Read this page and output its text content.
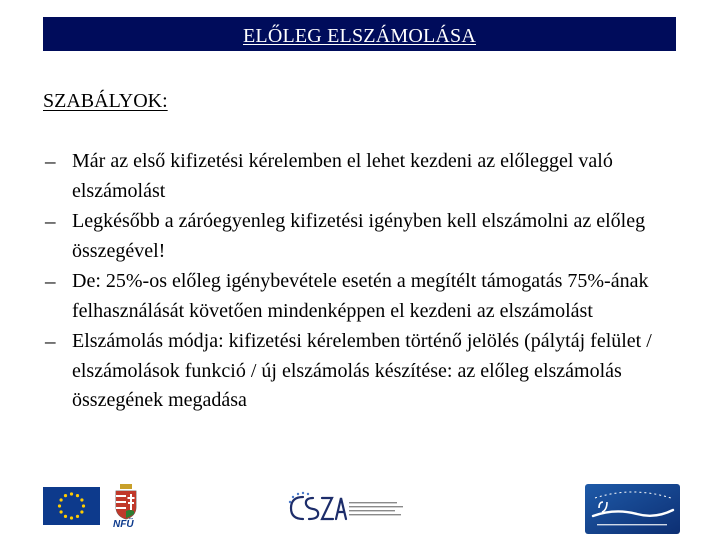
ELŐLEG ELSZÁMOLÁSA
SZABÁLYOK:
– Már az első kifizetési kérelemben el lehet kezdeni az előleggel való elszámolást
– Legkésőbb a záróegyenleg kifizetési igényben kell elszámolni az előleg összegével!
– De: 25%-os előleg igénybevétele esetén a megítélt támogatás 75%-ának felhasználását követően mindenképpen el kezdeni az elszámolást
– Elszámolás módja: kifizetési kérelemben történő jelölés (pálytáj felület / elszámolások funkció / új elszámolás készítése: az előleg elszámolás összegének megadása
NFÜ
